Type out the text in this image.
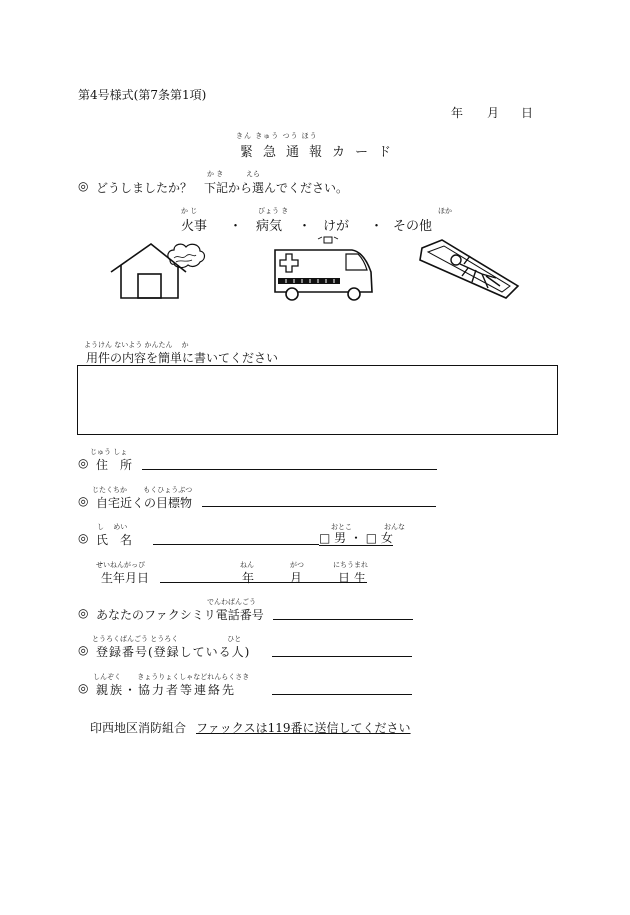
第4号様式(第7条第1項)
年 月 日
きん きゅう つう ほう
緊急通報カード
か き	えら
◎ どうしましたか？　下記から選んでください。
か じ	びょう き	ほか
火事 ・ 病気 ・ けが ・ その他
ようけん ないよう かんたん　 か
用件の内容を簡単に書いてください
じゅう しょ
◎ 住　所
じたくちか　　 もくひょうぶつ
◎ 自宅近くの目標物
し　 めい	おとこ	おんな
◎ 氏　名	□ 男 ・ □ 女
せいねんがっぴ	ねん	がつ	にちうまれ
生年月日	年	月	日 生
でんわばんごう
◎ あなたのファクシミリ電話番号
とうろくばんごう とうろく　　　　　　　ひと
◎ 登録番号(登録している人)
しんぞく　　 きょうりょくしゃなどれんらくさき
◎ 親族・協力者等連絡先
印西地区消防組合 ファックスは119番に送信してください
